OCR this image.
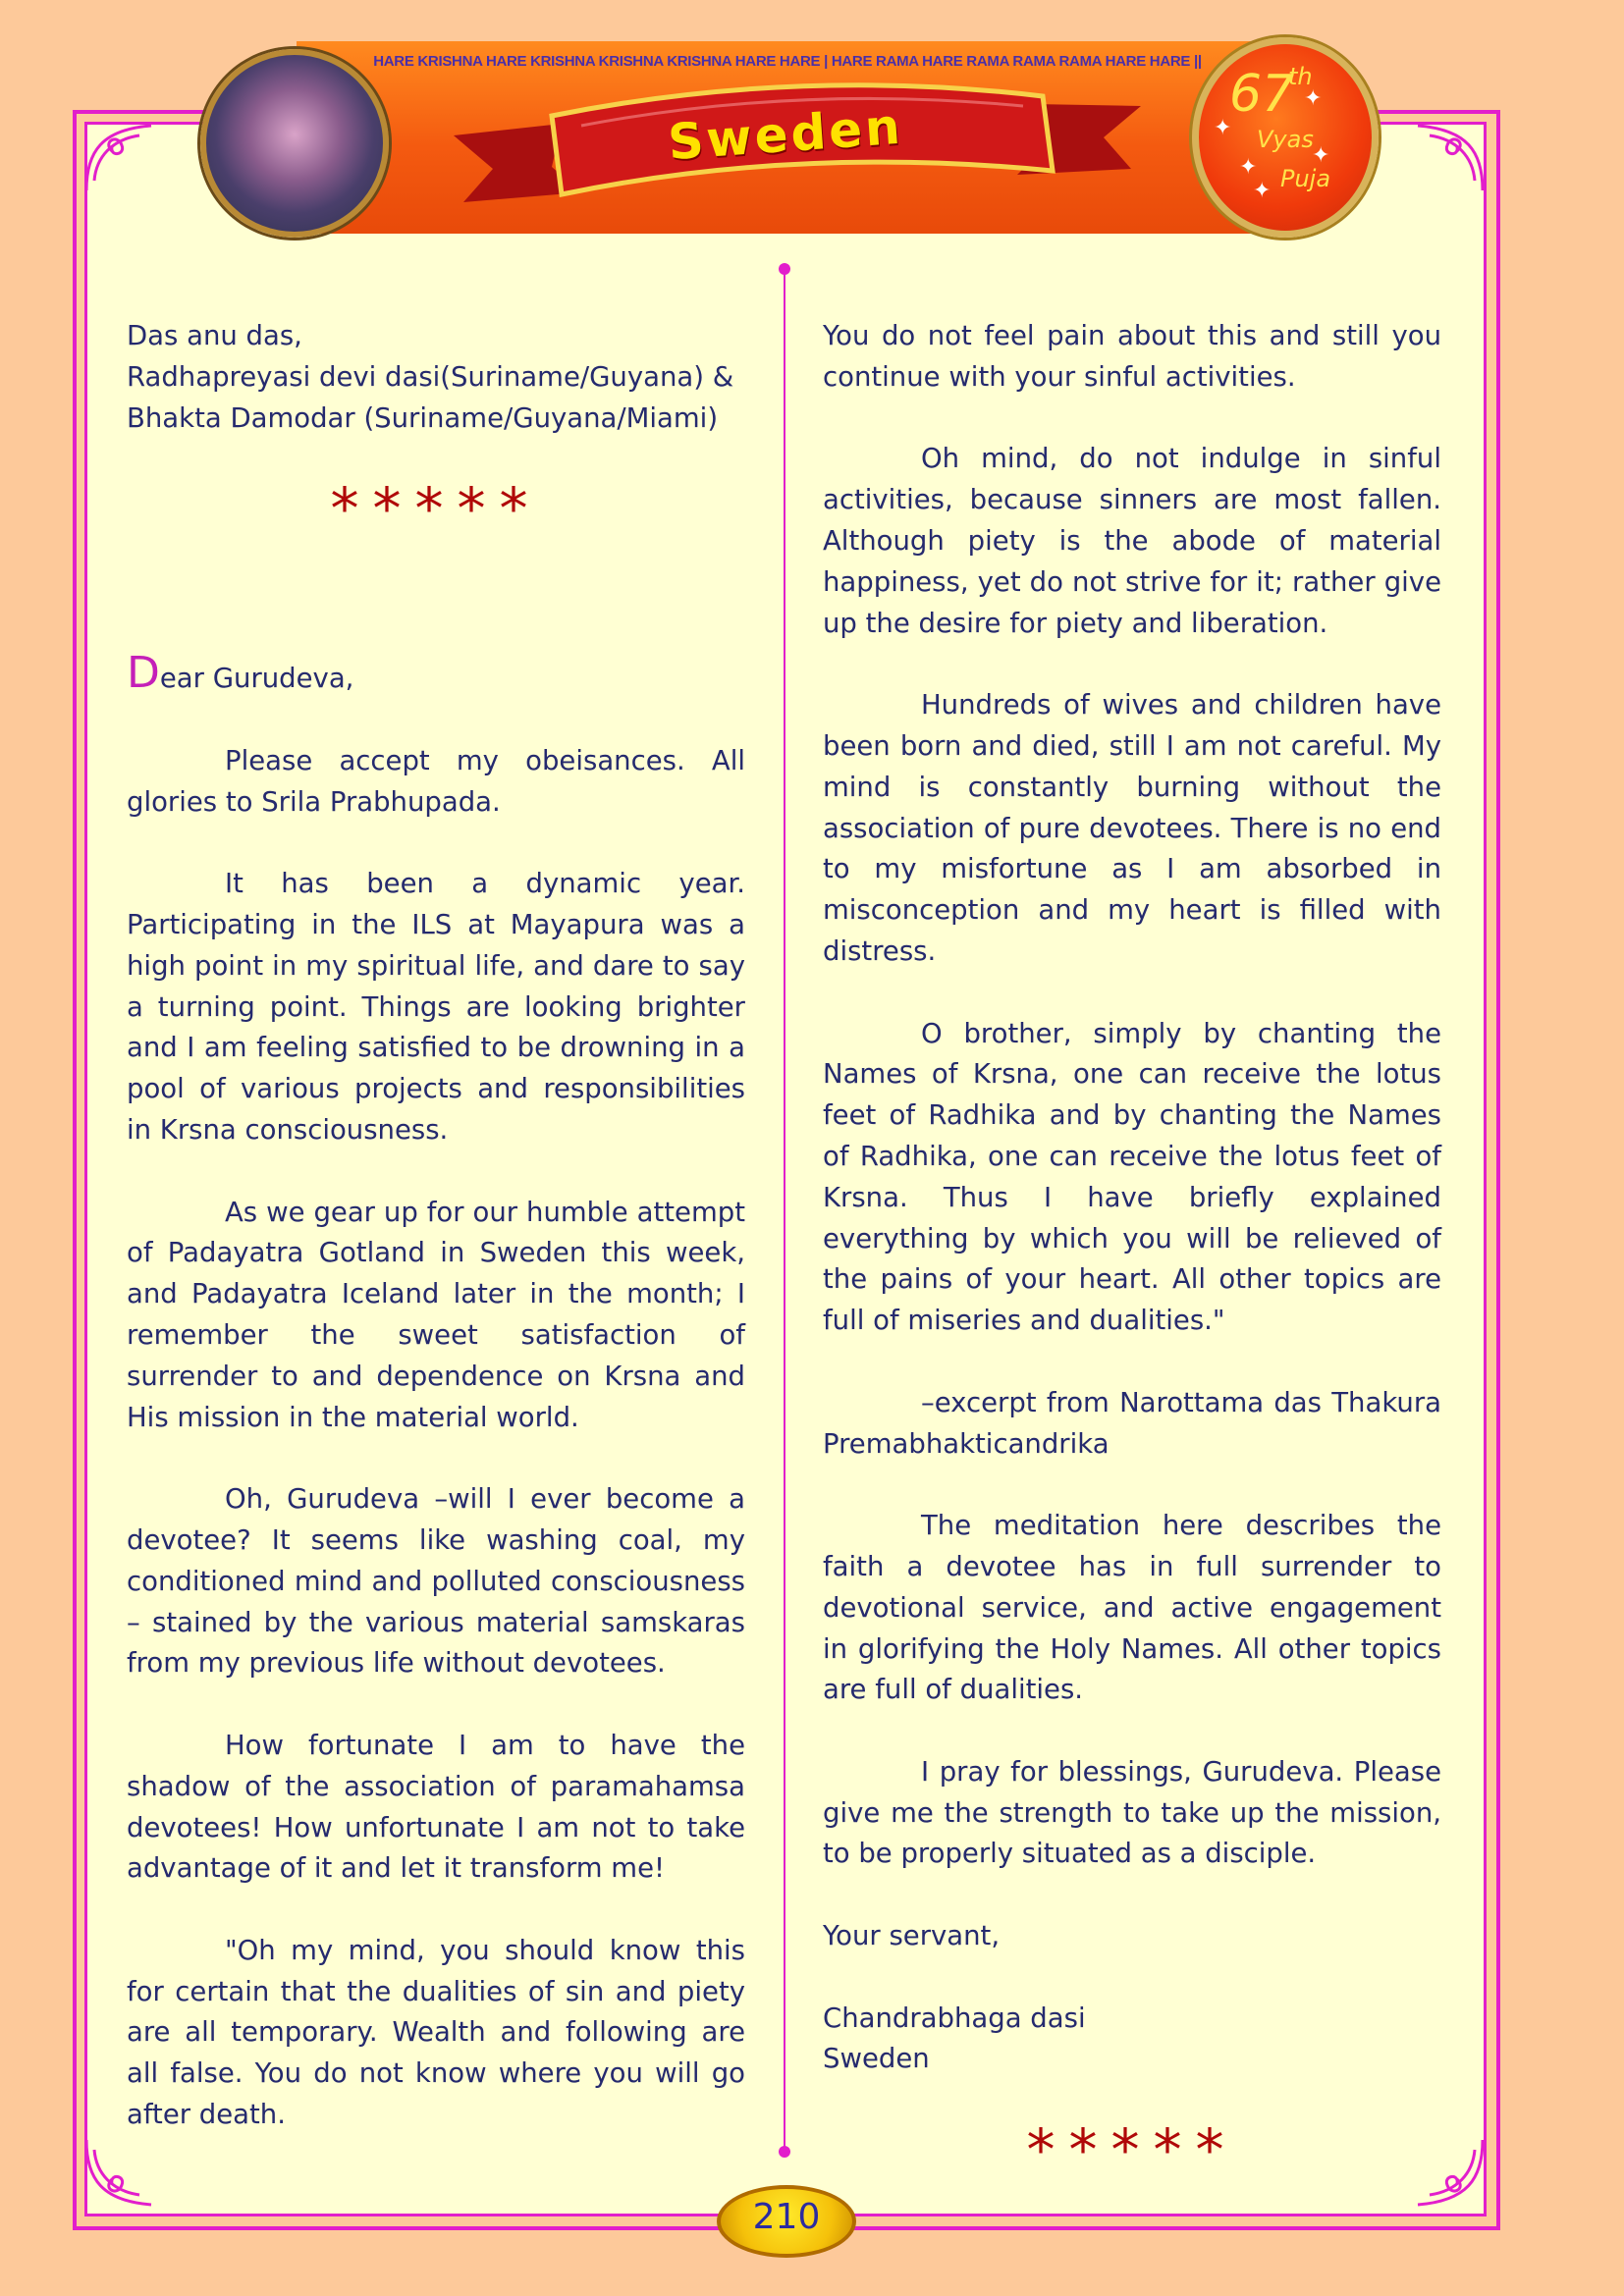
HARE KRISHNA HARE KRISHNA KRISHNA KRISHNA HARE HARE | HARE RAMA HARE RAMA RAMA RAMA HARE HARE ||
Sweden
67
th
Vyas
Puja
✦
✦
✦	✦
✦

Das anu das,
Radhapreyasi devi dasi(Suriname/Guyana) &
Bhakta Damodar (Suriname/Guyana/Miami)

*****

Dear Gurudeva,

Please accept my obeisances. All glories to Srila Prabhupada.

It has been a dynamic year. Participating in the ILS at Mayapura was a high point in my spiritual life, and dare to say a turning point. Things are looking brighter and I am feeling satisfied to be drowning in a pool of various projects and responsibilities in Krsna consciousness.

As we gear up for our humble attempt of Padayatra Gotland in Sweden this week, and Padayatra Iceland later in the month; I remember the sweet satisfaction of surrender to and dependence on Krsna and His mission in the material world.

Oh, Gurudeva –will I ever become a devotee? It seems like washing coal, my conditioned mind and polluted consciousness – stained by the various material samskaras from my previous life without devotees.

How fortunate I am to have the shadow of the association of paramahamsa devotees! How unfortunate I am not to take advantage of it and let it transform me!

"Oh my mind, you should know this for certain that the dualities of sin and piety are all temporary. Wealth and following are all false. You do not know where you will go after death.

You do not feel pain about this and still you continue with your sinful activities.

Oh mind, do not indulge in sinful activities, because sinners are most fallen. Although piety is the abode of material happiness, yet do not strive for it; rather give up the desire for piety and liberation.

Hundreds of wives and children have been born and died, still I am not careful. My mind is constantly burning without the association of pure devotees. There is no end to my misfortune as I am absorbed in misconception and my heart is filled with distress.

O brother, simply by chanting the Names of Krsna, one can receive the lotus feet of Radhika and by chanting the Names of Radhika, one can receive the lotus feet of Krsna. Thus I have briefly explained everything by which you will be relieved of the pains of your heart. All other topics are full of miseries and dualities."

–excerpt from Narottama das Thakura Premabhakticandrika

The meditation here describes the faith a devotee has in full surrender to devotional service, and active engagement in glorifying the Holy Names. All other topics are full of dualities.

I pray for blessings, Gurudeva. Please give me the strength to take up the mission, to be properly situated as a disciple.

Your servant,

Chandrabhaga dasi
Sweden

*****
210
